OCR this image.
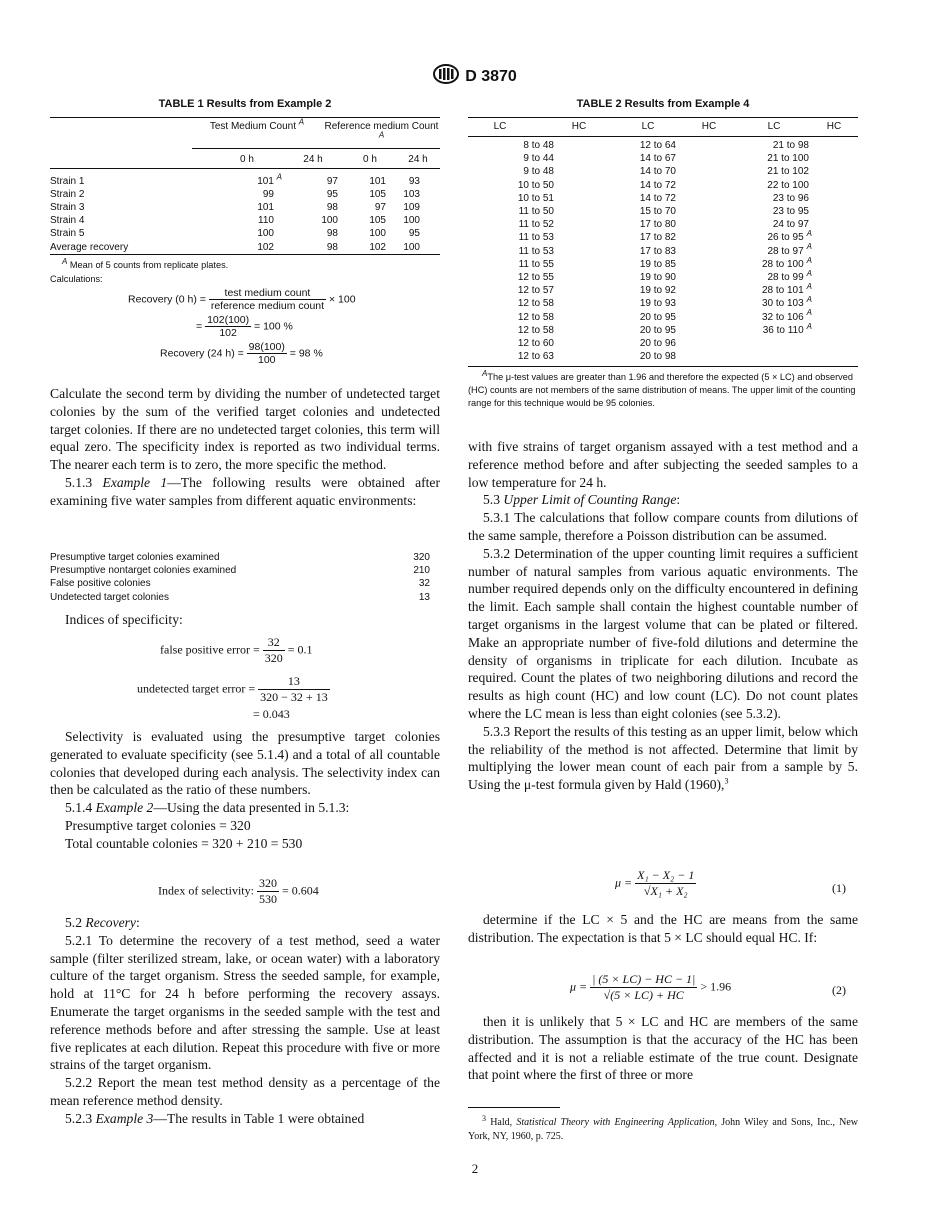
D 3870
TABLE 1 Results from Example 2
Test Medium Count $^A$ Reference medium Count $^A$
	0 h	24 h	0 h	24 h

Strain 1	101 $^A$	97	101	93
Strain 2	99	95	105	103
Strain 3	101	98	97	109
Strain 4	110	100	105	100
Strain 5	100	98	100	95
Average recovery	102	98	102	100
A Mean of 5 counts from replicate plates.
Calculations:
Recovery (0 $h) = \frac{\text{test medium count}}{\text{reference medium count}} \times 100$
= $\frac{102(100)}{102} = 100$ %
Recovery (24 $h) = \frac{98(100)}{100} = 98$ %
TABLE 2 Results from Example 4
LC	HC	LC	HC	LC	HC
8 to 48	12 to 64	21 to 98	
9 to 44	14 to 67	21 to 100	
9 to 48	14 to 70	21 to 102	
10 to 50	14 to 72	22 to 100	
10 to 51	14 to 72	23 to 96	
11 to 50	15 to 70	23 to 95	
11 to 52	17 to 80	24 to 97	
11 to 53	17 to 82	26 to 95 $^A$	
11 to 53	17 to 83	28 to 97 $^A$	
11 to 55	19 to 85	28 to 100 $^A$	
12 to 55	19 to 90	28 to 99 $^A$	
12 to 57	19 to 92	28 to 101 $^A$	
12 to 58	19 to 93	30 to 103 $^A$	
12 to 58	20 to 95	32 to 106 $^A$	
12 to 58	20 to 95	36 to 110 $^A$	
12 to 60	20 to 96		
12 to 63	20 to 98		
AThe μ-test values are greater than 1.96 and therefore the expected (5 × LC) and observed (HC) counts are not members of the same distribution of means. The upper limit of the counting range for this technique would be 95 colonies.

Calculate the second term by dividing the number of undetected target colonies by the sum of the verified target colonies and undetected target colonies. If there are no undetected target colonies, this term will equal zero. The specificity index is reported as two individual terms. The nearer each term is to zero, the more specific the method.

5.1.3 Example 1—The following results were obtained after examining five water samples from different aquatic environments:

Presumptive target colonies examined	320
Presumptive nontarget colonies examined	210
False positive colonies	32
Undetected target colonies	13
Indices of specificity:
false positive error = $\frac{32}{320} = 0.1$
undetected target error = $\frac{13}{320 - 32 + 13}$
= 0.043

Selectivity is evaluated using the presumptive target colonies generated to evaluate specificity (see 5.1.4) and a total of all countable colonies that developed during each analysis. The selectivity index can then be calculated as the ratio of these numbers.

5.1.4 Example 2—Using the data presented in 5.1.3:

Presumptive target colonies = 320

Total countable colonies = 320 + 210 = 530

Index of selectivity: $\frac{320}{530} = 0.604$

5.2 Recovery:

5.2.1 To determine the recovery of a test method, seed a water sample (filter sterilized stream, lake, or ocean water) with a laboratory culture of the target organism. Stress the seeded sample, for example, hold at 11°C for 24 h before performing the recovery assays. Enumerate the target organisms in the seeded sample with the test and reference methods before and after stressing the sample. Use at least five replicates at each dilution. Repeat this procedure with five or more strains of the target organism.

5.2.2 Report the mean test method density as a percentage of the mean reference method density.

5.2.3 Example 3—The results in Table 1 were obtained

with five strains of target organism assayed with a test method and a reference method before and after subjecting the seeded samples to a low temperature for 24 h.

5.3 Upper Limit of Counting Range:

5.3.1 The calculations that follow compare counts from dilutions of the same sample, therefore a Poisson distribution can be assumed.

5.3.2 Determination of the upper counting limit requires a sufficient number of natural samples from various aquatic environments. The number required depends only on the difficulty encountered in defining the limit. Each sample shall contain the highest countable number of target organisms in the largest volume that can be plated or filtered. Make an appropriate number of five-fold dilutions and determine the density of organisms in triplicate for each dilution. Incubate as required. Count the plates of two neighboring dilutions and record the results as high count (HC) and low count (LC). Do not count plates where the LC mean is less than eight colonies (see 5.3.2).

5.3.3 Report the results of this testing as an upper limit, below which the reliability of the method is not affected. Determine that limit by multiplying the lower mean count of each pair from a sample by 5. Using the μ-test formula given by Hald (1960),$^3$

$\mu = \frac{\text{X₁ − X₂ − 1}}{\text{√X₁ + X₂}}$	(1)

determine if the LC × 5 and the HC are means from the same distribution. The expectation is that 5 × LC should equal HC. If:

$\mu = \frac{| (5 \times LC) - HC - 1|}{√(5 \times LC) + HC} > 1.96$	(2)

then it is unlikely that 5 × LC and HC are members of the same distribution. The assumption is that the accuracy of the HC has been affected and it is not a reliable estimate of the true count. Designate that point where the first of three or more

$^3$ Hald, Statistical Theory with Engineering Application, John Wiley and Sons, Inc., New York, NY, 1960, p. 725.
2
